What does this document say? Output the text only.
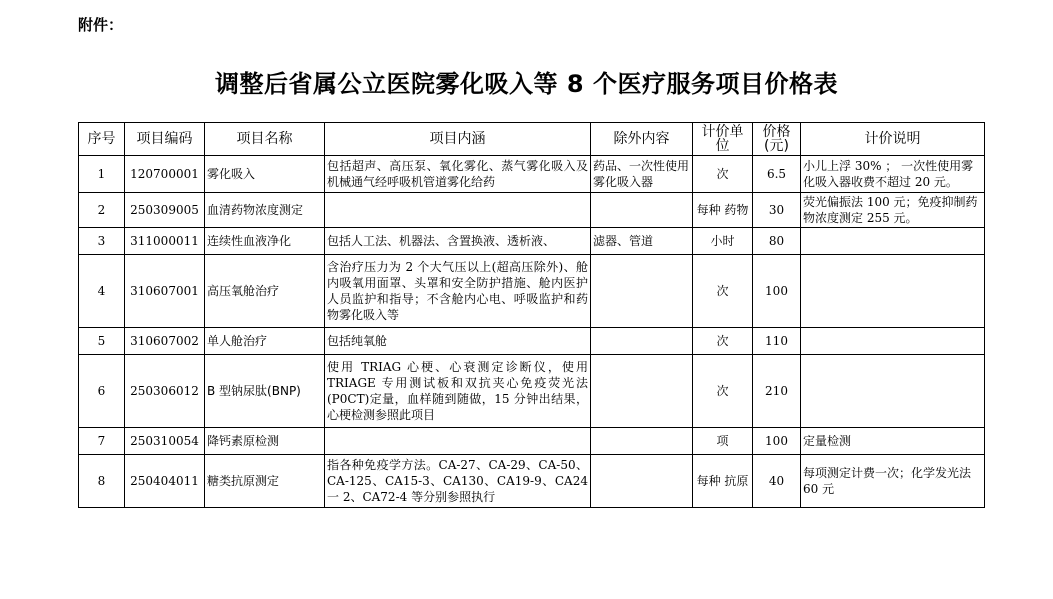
附件：
调整后省属公立医院雾化吸入等 8 个医疗服务项目价格表
序号	项目编码	项目名称	项目内涵	除外内容	计价单位	价格(元)	计价说明
1	120700001	雾化吸入	包括超声、高压泵、氧化雾化、蒸气雾化吸入及机械通气经呼吸机管道雾化给药	药品、一次性使用雾化吸入器	次	6.5	小儿上浮 30% ； 一次性使用雾化吸入器收费不超过 20 元。

2	250309005	血清药物浓度测定			每种 药物	30	荧光偏振法 100 元；免疫抑制药物浓度测定 255 元。

3	311000011	连续性血液净化	包括人工法、机器法、含置换液、透析液、	滤器、管道	小时	80	
4	310607001	高压氧舱治疗	含治疗压力为 2 个大气压以上(超高压除外)、舱内吸氧用面罩、头罩和安全防护措施、舱内医护人员监护和指导；不含舱内心电、呼吸监护和药物雾化吸入等		次	100	
5	310607002	单人舱治疗	包括纯氧舱		次	110	
6	250306012	B 型钠尿肽(BNP)	使用 TRIAG 心梗、心衰测定诊断仪，使用 TRIAGE 专用测试板和双抗夹心免疫荧光法(P0CT)定量，血样随到随做，15 分钟出结果，心梗检测参照此项目		次	210	
7	250310054	降钙素原检测			项	100	定量检测
8	250404011	糖类抗原测定	指各种免疫学方法。CA-27、CA-29、CA-50、CA-125、CA15-3、CA130、CA19-9、CA24 一 2、CA72-4 等分别参照执行		每种 抗原	40	每项测定计费一次；化学发光法 60 元
